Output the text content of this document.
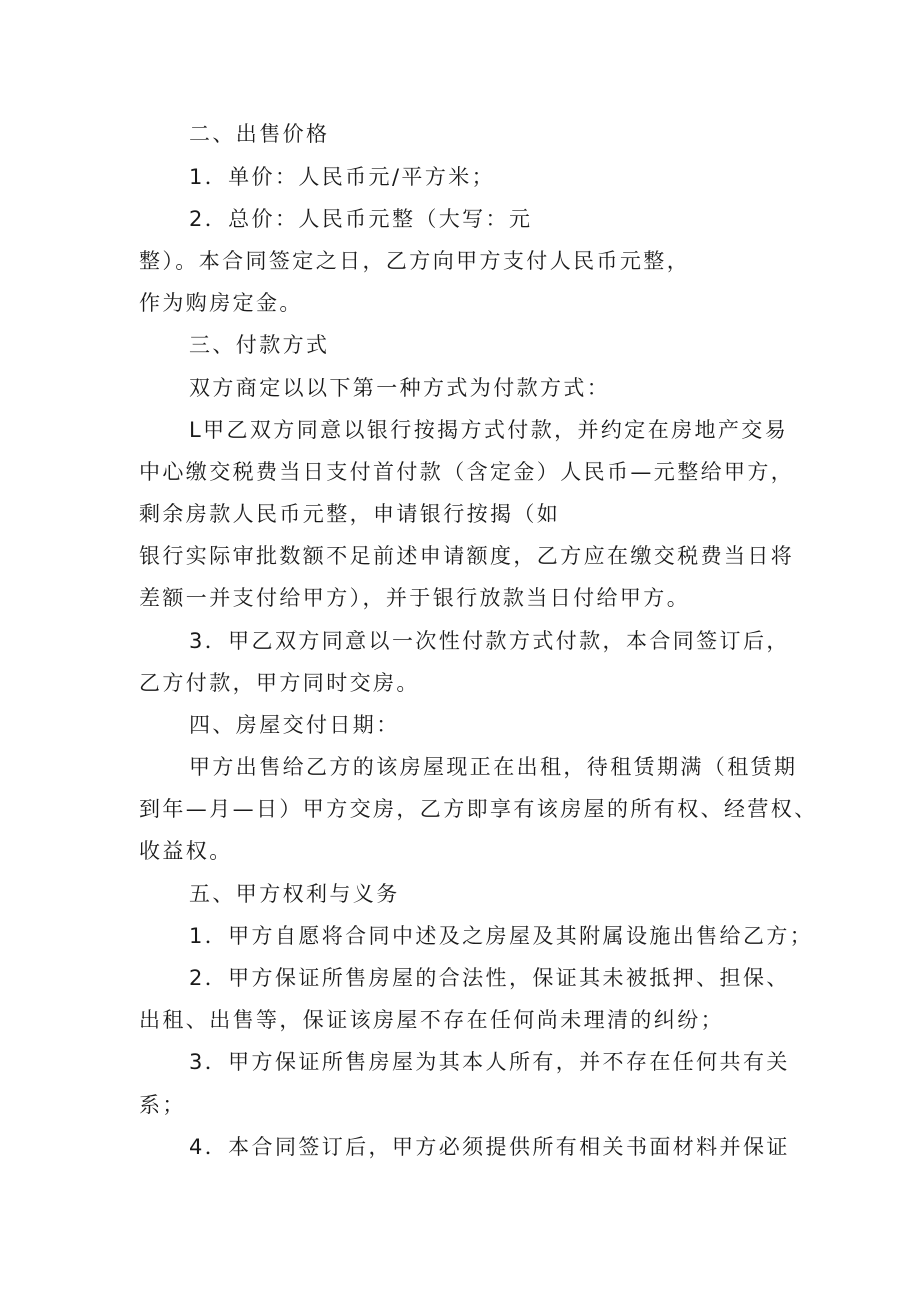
二、出售价格
1．单价：人民币元/平方米；
2．总价：人民币元整（大写：元
整）。本合同签定之日，乙方向甲方支付人民币元整，
作为购房定金。
三、付款方式
双方商定以以下第一种方式为付款方式：
L甲乙双方同意以银行按揭方式付款，并约定在房地产交易
中心缴交税费当日支付首付款（含定金）人民币—元整给甲方，
剩余房款人民币元整，申请银行按揭（如
银行实际审批数额不足前述申请额度，乙方应在缴交税费当日将
差额一并支付给甲方），并于银行放款当日付给甲方。
3．甲乙双方同意以一次性付款方式付款，本合同签订后，
乙方付款，甲方同时交房。
四、房屋交付日期：
甲方出售给乙方的该房屋现正在出租，待租赁期满（租赁期
到年—月—日）甲方交房，乙方即享有该房屋的所有权、经营权、
收益权。
五、甲方权利与义务
1．甲方自愿将合同中述及之房屋及其附属设施出售给乙方；
2．甲方保证所售房屋的合法性，保证其未被抵押、担保、
出租、出售等，保证该房屋不存在任何尚未理清的纠纷；
3．甲方保证所售房屋为其本人所有，并不存在任何共有关
系；
4．本合同签订后，甲方必须提供所有相关书面材料并保证
